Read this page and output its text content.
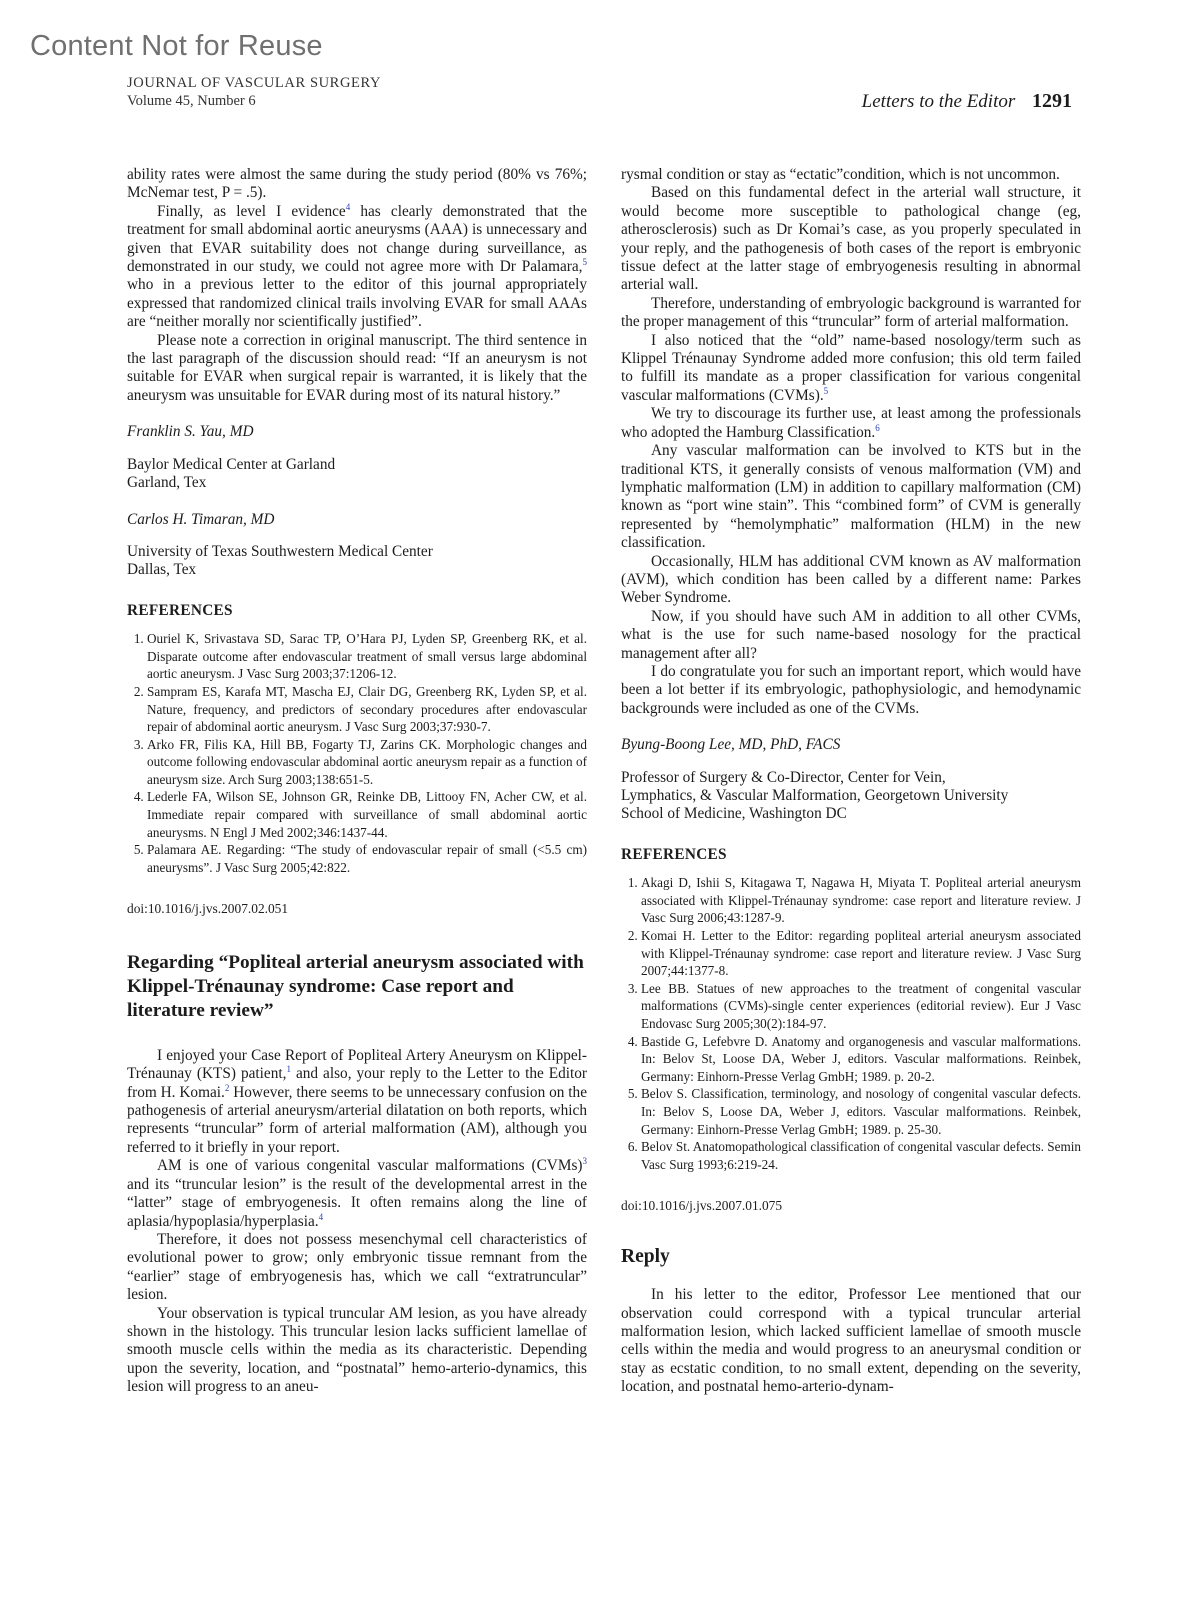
Content Not for Reuse
JOURNAL OF VASCULAR SURGERY
Volume 45, Number 6	Letters to the Editor 1291

ability rates were almost the same during the study period (80% vs 76%; McNemar test, P = .5).

Finally, as level I evidence$^4$ has clearly demonstrated that the treatment for small abdominal aortic aneurysms (AAA) is unnecessary and given that EVAR suitability does not change during surveillance, as demonstrated in our study, we could not agree more with Dr Palamara,$^5$ who in a previous letter to the editor of this journal appropriately expressed that randomized clinical trails involving EVAR for small AAAs are “neither morally nor scientifically justified”.

Please note a correction in original manuscript. The third sentence in the last paragraph of the discussion should read: “If an aneurysm is not suitable for EVAR when surgical repair is warranted, it is likely that the aneurysm was unsuitable for EVAR during most of its natural history.”

Franklin S. Yau, MD

Baylor Medical Center at Garland
Garland, Tex

Carlos H. Timaran, MD

University of Texas Southwestern Medical Center
Dallas, Tex

REFERENCES

1. Ouriel K, Srivastava SD, Sarac TP, O’Hara PJ, Lyden SP, Greenberg RK, et al. Disparate outcome after endovascular treatment of small versus large abdominal aortic aneurysm. J Vasc Surg 2003;37:1206-12.
2. Sampram ES, Karafa MT, Mascha EJ, Clair DG, Greenberg RK, Lyden SP, et al. Nature, frequency, and predictors of secondary procedures after endovascular repair of abdominal aortic aneurysm. J Vasc Surg 2003;37:930-7.
3. Arko FR, Filis KA, Hill BB, Fogarty TJ, Zarins CK. Morphologic changes and outcome following endovascular abdominal aortic aneurysm repair as a function of aneurysm size. Arch Surg 2003;138:651-5.
4. Lederle FA, Wilson SE, Johnson GR, Reinke DB, Littooy FN, Acher CW, et al. Immediate repair compared with surveillance of small abdominal aortic aneurysms. N Engl J Med 2002;346:1437-44.
5. Palamara AE. Regarding: “The study of endovascular repair of small (<5.5 cm) aneurysms”. J Vasc Surg 2005;42:822.

doi:10.1016/j.jvs.2007.02.051

Regarding “Popliteal arterial aneurysm associated with Klippel-Trénaunay syndrome: Case report and literature review”

I enjoyed your Case Report of Popliteal Artery Aneurysm on Klippel-Trénaunay (KTS) patient,$^1$ and also, your reply to the Letter to the Editor from H. Komai.$^2$ However, there seems to be unnecessary confusion on the pathogenesis of arterial aneurysm/arterial dilatation on both reports, which represents “truncular” form of arterial malformation (AM), although you referred to it briefly in your report.

AM is one of various congenital vascular malformations (CVMs)$^3$ and its “truncular lesion” is the result of the developmental arrest in the “latter” stage of embryogenesis. It often remains along the line of aplasia/hypoplasia/hyperplasia.$^4$

Therefore, it does not possess mesenchymal cell characteristics of evolutional power to grow; only embryonic tissue remnant from the “earlier” stage of embryogenesis has, which we call “extratruncular” lesion.

Your observation is typical truncular AM lesion, as you have already shown in the histology. This truncular lesion lacks sufficient lamellae of smooth muscle cells within the media as its characteristic. Depending upon the severity, location, and “postnatal” hemo-arterio-dynamics, this lesion will progress to an aneu-

rysmal condition or stay as “ectatic”condition, which is not uncommon.

Based on this fundamental defect in the arterial wall structure, it would become more susceptible to pathological change (eg, atherosclerosis) such as Dr Komai’s case, as you properly speculated in your reply, and the pathogenesis of both cases of the report is embryonic tissue defect at the latter stage of embryogenesis resulting in abnormal arterial wall.

Therefore, understanding of embryologic background is warranted for the proper management of this “truncular” form of arterial malformation.

I also noticed that the “old” name-based nosology/term such as Klippel Trénaunay Syndrome added more confusion; this old term failed to fulfill its mandate as a proper classification for various congenital vascular malformations (CVMs).$^5$

We try to discourage its further use, at least among the professionals who adopted the Hamburg Classification.$^6$

Any vascular malformation can be involved to KTS but in the traditional KTS, it generally consists of venous malformation (VM) and lymphatic malformation (LM) in addition to capillary malformation (CM) known as “port wine stain”. This “combined form” of CVM is generally represented by “hemolymphatic” malformation (HLM) in the new classification.

Occasionally, HLM has additional CVM known as AV malformation (AVM), which condition has been called by a different name: Parkes Weber Syndrome.

Now, if you should have such AM in addition to all other CVMs, what is the use for such name-based nosology for the practical management after all?

I do congratulate you for such an important report, which would have been a lot better if its embryologic, pathophysiologic, and hemodynamic backgrounds were included as one of the CVMs.

Byung-Boong Lee, MD, PhD, FACS

Professor of Surgery & Co-Director, Center for Vein,
Lymphatics, & Vascular Malformation, Georgetown University
School of Medicine, Washington DC

REFERENCES

1. Akagi D, Ishii S, Kitagawa T, Nagawa H, Miyata T. Popliteal arterial aneurysm associated with Klippel-Trénaunay syndrome: case report and literature review. J Vasc Surg 2006;43:1287-9.
2. Komai H. Letter to the Editor: regarding popliteal arterial aneurysm associated with Klippel-Trénaunay syndrome: case report and literature review. J Vasc Surg 2007;44:1377-8.
3. Lee BB. Statues of new approaches to the treatment of congenital vascular malformations (CVMs)-single center experiences (editorial review). Eur J Vasc Endovasc Surg 2005;30(2):184-97.
4. Bastide G, Lefebvre D. Anatomy and organogenesis and vascular malformations. In: Belov St, Loose DA, Weber J, editors. Vascular malformations. Reinbek, Germany: Einhorn-Presse Verlag GmbH; 1989. p. 20-2.
5. Belov S. Classification, terminology, and nosology of congenital vascular defects. In: Belov S, Loose DA, Weber J, editors. Vascular malformations. Reinbek, Germany: Einhorn-Presse Verlag GmbH; 1989. p. 25-30.
6. Belov St. Anatomopathological classification of congenital vascular defects. Semin Vasc Surg 1993;6:219-24.

doi:10.1016/j.jvs.2007.01.075

Reply

In his letter to the editor, Professor Lee mentioned that our observation could correspond with a typical truncular arterial malformation lesion, which lacked sufficient lamellae of smooth muscle cells within the media and would progress to an aneurysmal condition or stay as ecstatic condition, to no small extent, depending on the severity, location, and postnatal hemo-arterio-dynam-
